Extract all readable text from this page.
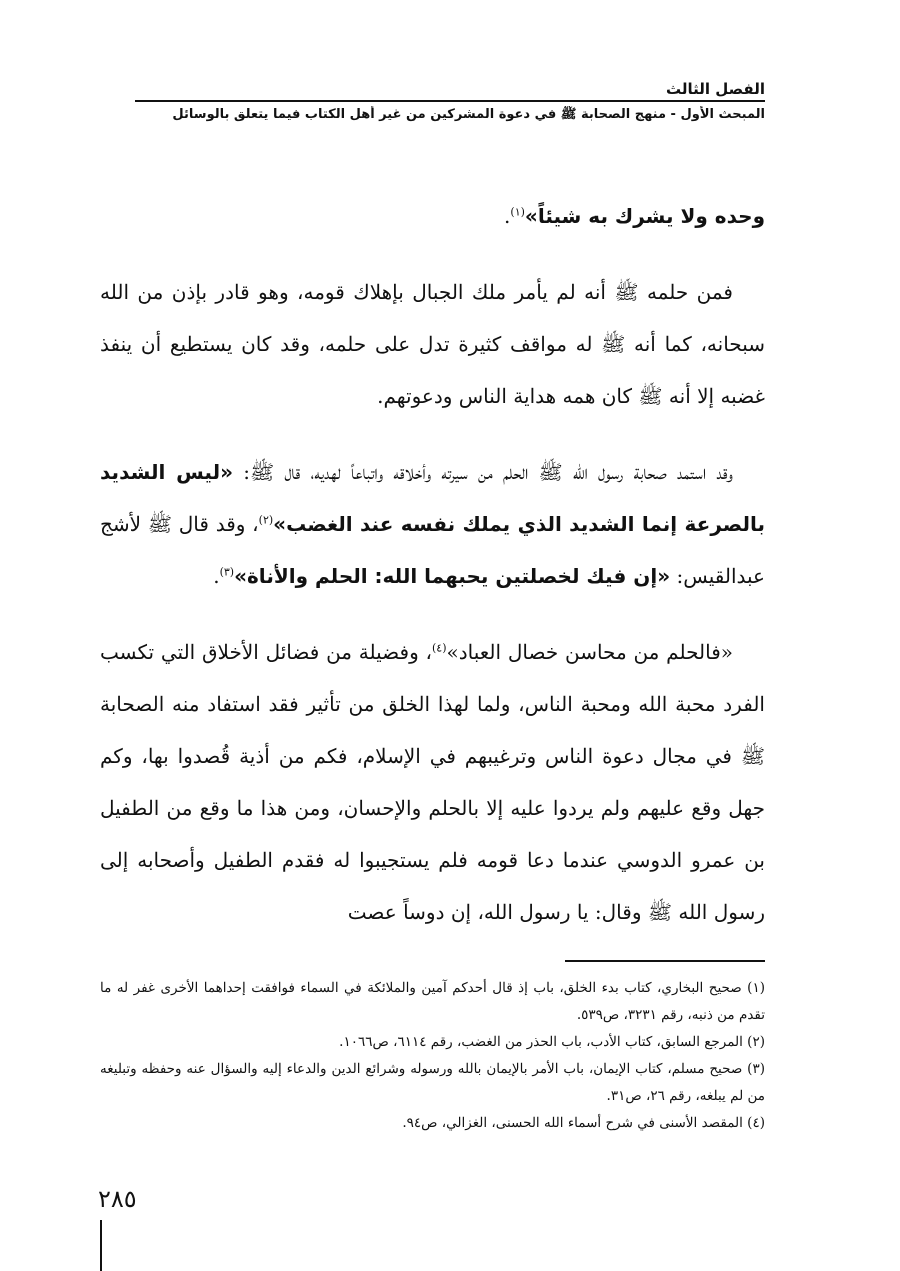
الفصل الثالث
المبحث الأول - منهج الصحابة ﷺ في دعوة المشركين من غير أهل الكتاب فيما يتعلق بالوسائل

وحده ولا يشرك به شيئاً»$^{(١)}$.

فمن حلمه ﷺ أنه لم يأمر ملك الجبال بإهلاك قومه، وهو قادر بإذن من الله سبحانه، كما أنه ﷺ له مواقف كثيرة تدل على حلمه، وقد كان يستطيع أن ينفذ غضبه إلا أنه ﷺ كان همه هداية الناس ودعوتهم.

وقد استمد صحابة رسول الله ﷺ الحلم من سيرته وأخلاقه واتباعاً لهديه، قال ﷺ: «ليس الشديد بالصرعة إنما الشديد الذي يملك نفسه عند الغضب»$^{(٢)}$، وقد قال ﷺ لأشج عبدالقيس: «إن فيك لخصلتين يحبهما الله: الحلم والأناة»$^{(٣)}$.

«فالحلم من محاسن خصال العباد»$^{(٤)}$، وفضيلة من فضائل الأخلاق التي تكسب الفرد محبة الله ومحبة الناس، ولما لهذا الخلق من تأثير فقد استفاد منه الصحابة ﷺ في مجال دعوة الناس وترغيبهم في الإسلام، فكم من أذية قُصدوا بها، وكم جهل وقع عليهم ولم يردوا عليه إلا بالحلم والإحسان، ومن هذا ما وقع من الطفيل بن عمرو الدوسي عندما دعا قومه فلم يستجيبوا له فقدم الطفيل وأصحابه إلى رسول الله ﷺ وقال: يا رسول الله، إن دوساً عصت

(١) صحيح البخاري، كتاب بدء الخلق، باب إذ قال أحدكم آمين والملائكة في السماء فوافقت إحداهما الأخرى غفر له ما تقدم من ذنبه، رقم ٣٢٣١، ص٥٣٩.

(٢) المرجع السابق، كتاب الأدب، باب الحذر من الغضب، رقم ٦١١٤، ص١٠٦٦.

(٣) صحيح مسلم، كتاب الإيمان، باب الأمر بالإيمان بالله ورسوله وشرائع الدين والدعاء إليه والسؤال عنه وحفظه وتبليغه من لم يبلغه، رقم ٢٦، ص٣١.

(٤) المقصد الأسنى في شرح أسماء الله الحسنى، الغزالي، ص٩٤.

٢٨٥
